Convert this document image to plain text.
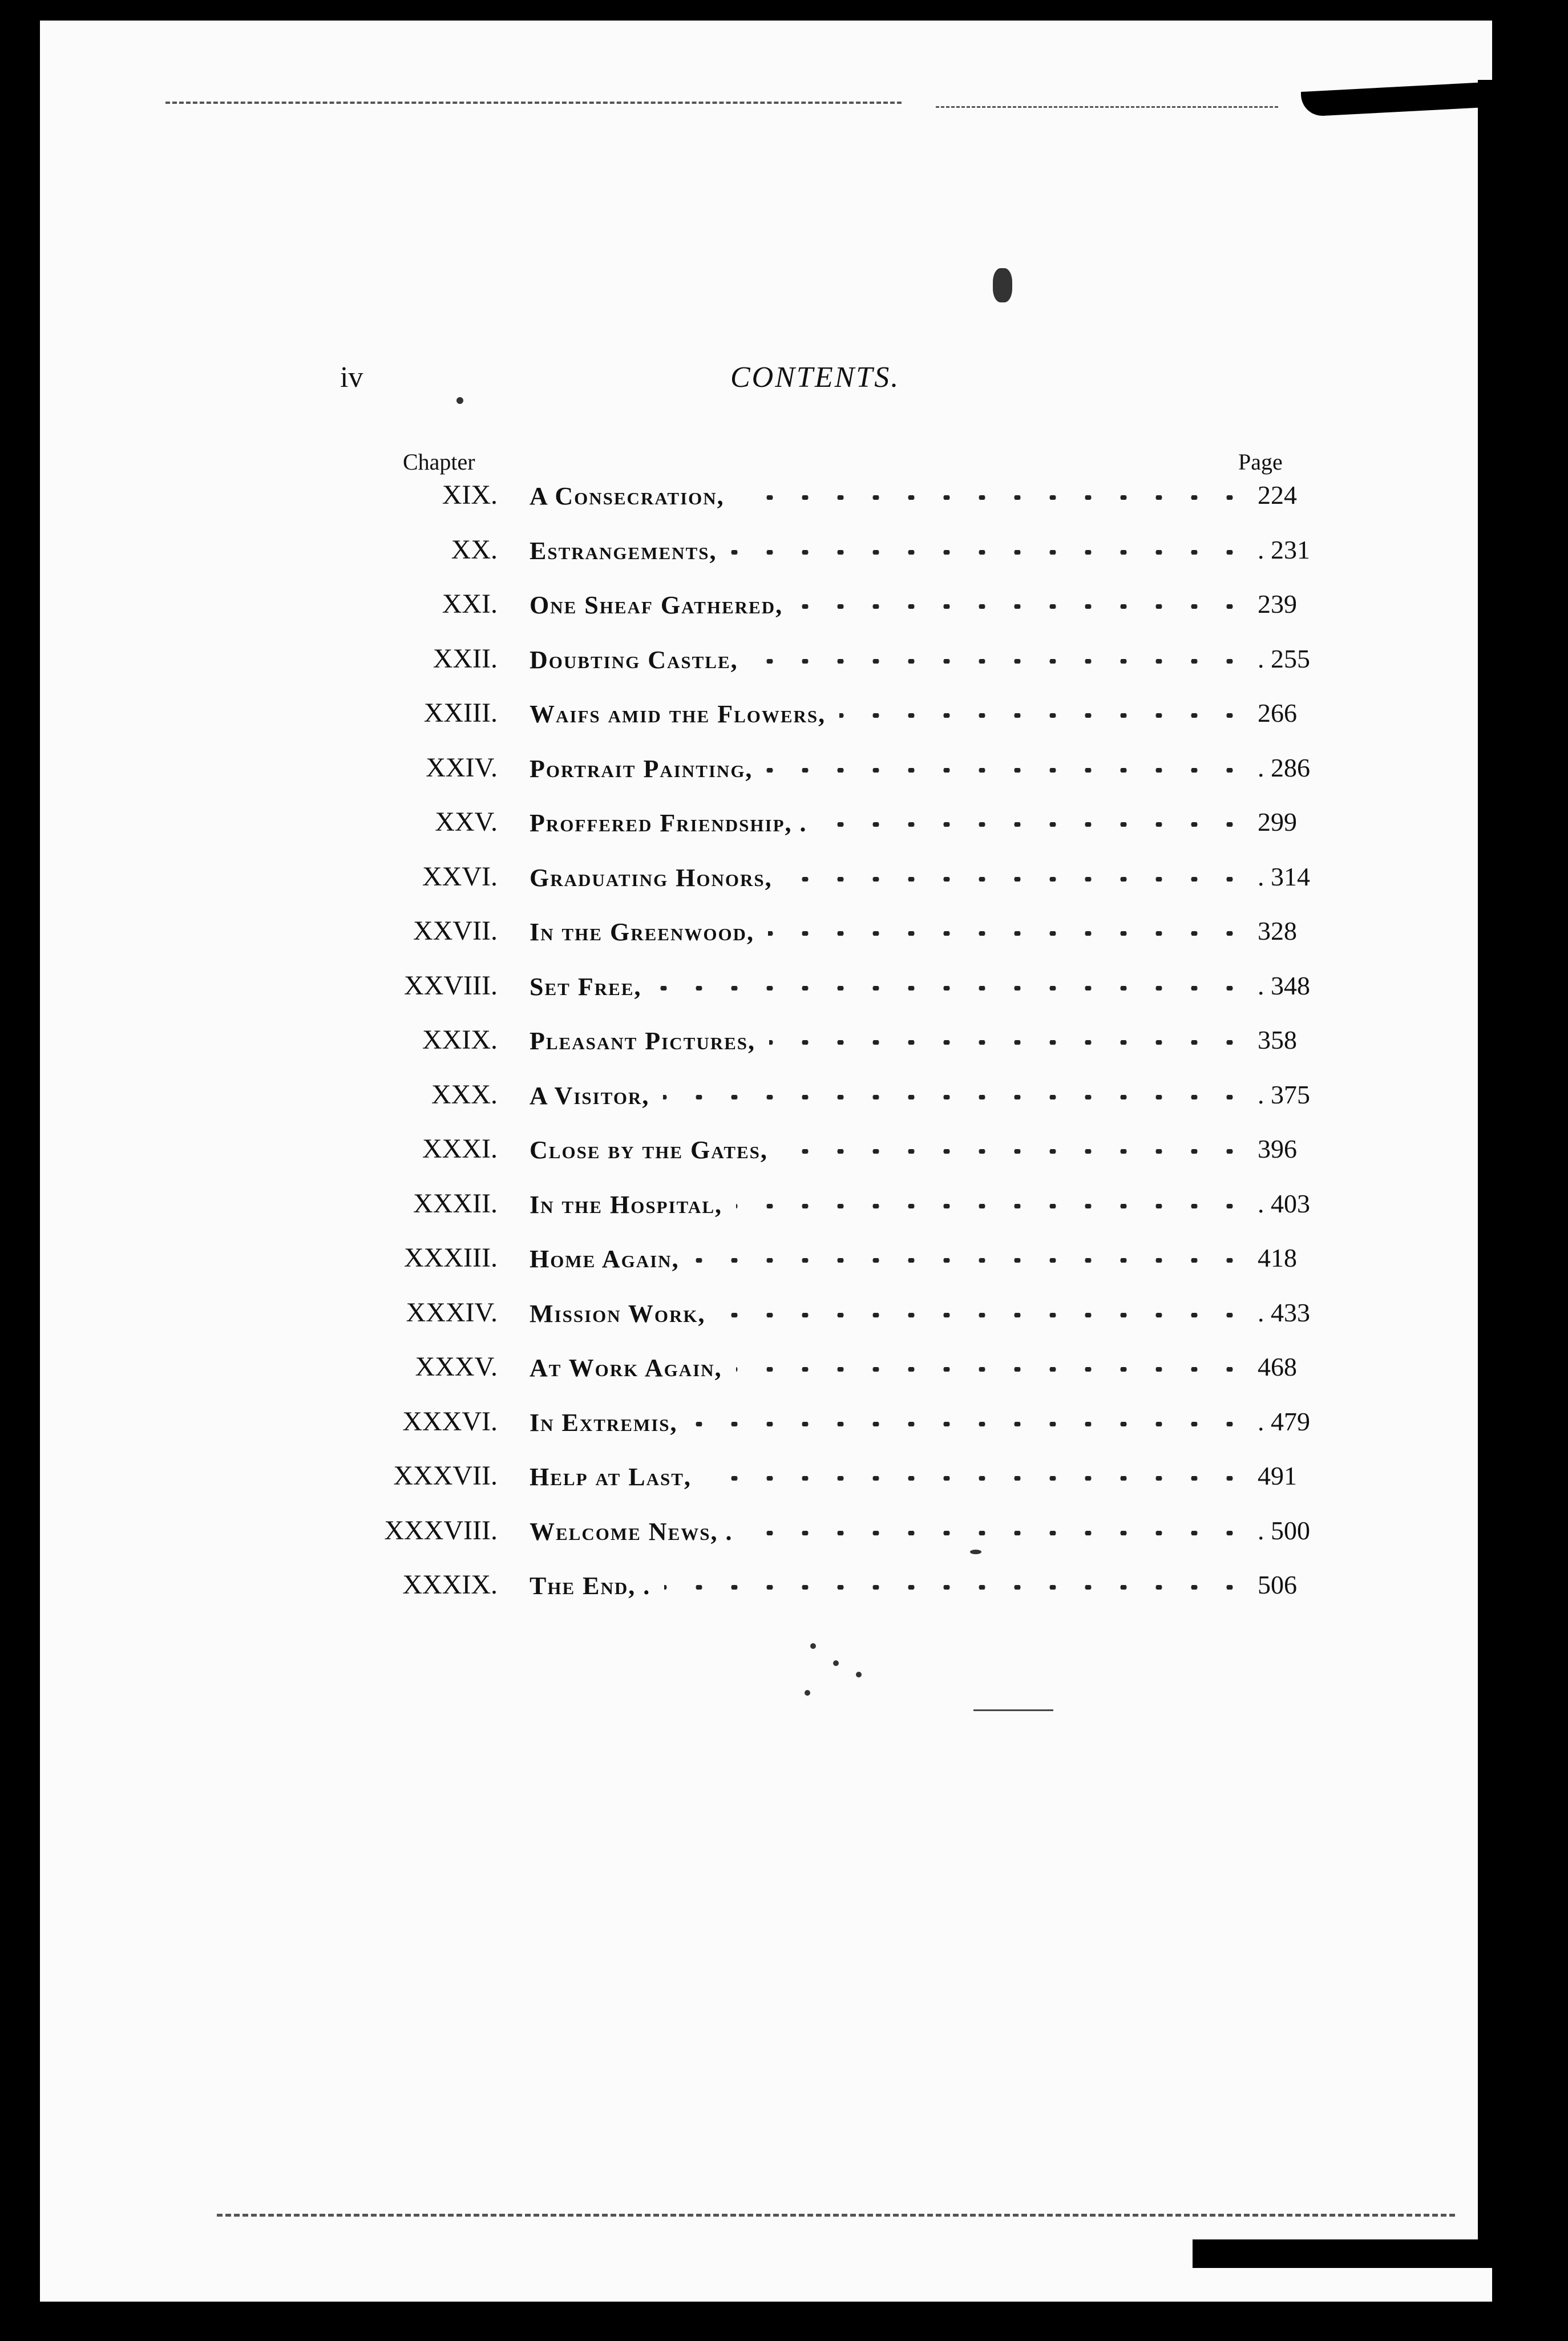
iv	CONTENTS.
Chapter	Page
XIX. A Consecration,	224
XX. Estrangements,	. 231
XXI. One Sheaf Gathered,	239
XXII. Doubting Castle,	. 255
XXIII. Waifs amid the Flowers,	266
XXIV. Portrait Painting,	. 286
XXV. Proffered Friendship, .	299
XXVI. Graduating Honors,	. 314
XXVII. In the Greenwood,	328
XXVIII. Set Free,	. 348
XXIX. Pleasant Pictures,	358
XXX. A Visitor,	. 375
XXXI. Close by the Gates,	396
XXXII. In the Hospital,	. 403
XXXIII. Home Again,	418
XXXIV. Mission Work,	. 433
XXXV. At Work Again,	468
XXXVI. In Extremis,	. 479
XXXVII. Help at Last,	491
XXXVIII. Welcome News, .	. 500
XXXIX. The End, .	506
